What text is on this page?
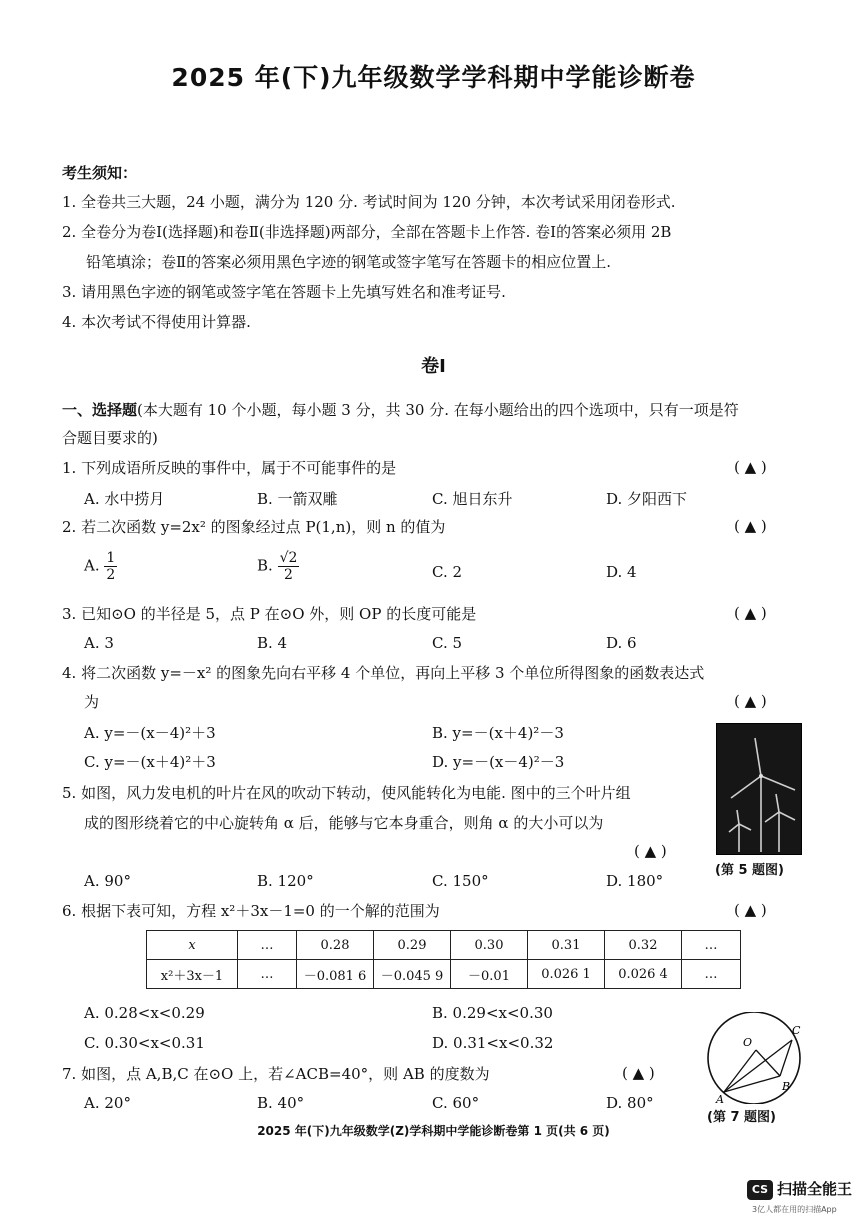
2025 年(下)九年级数学学科期中学能诊断卷
考生须知：
1. 全卷共三大题，24 小题，满分为 120 分. 考试时间为 120 分钟，本次考试采用闭卷形式.
2. 全卷分为卷Ⅰ(选择题)和卷Ⅱ(非选择题)两部分，全部在答题卡上作答. 卷Ⅰ的答案必须用 2B
铅笔填涂；卷Ⅱ的答案必须用黑色字迹的钢笔或签字笔写在答题卡的相应位置上.
3. 请用黑色字迹的钢笔或签字笔在答题卡上先填写姓名和准考证号.
4. 本次考试不得使用计算器.
卷Ⅰ
一、选择题(本大题有 10 个小题，每小题 3 分，共 30 分. 在每小题给出的四个选项中，只有一项是符
合题目要求的)
1. 下列成语所反映的事件中，属于不可能事件的是	( ▲ )
A. 水中捞月	B. 一箭双雕	C. 旭日东升	D. 夕阳西下
2. 若二次函数 y=2x² 的图象经过点 P(1,n)，则 n 的值为	( ▲ )
A. $\frac{1}{2}$	B. $\frac{√2}{2}$	C. 2	D. 4
3. 已知⊙O 的半径是 5，点 P 在⊙O 外，则 OP 的长度可能是	( ▲ )
A. 3	B. 4	C. 5	D. 6
4. 将二次函数 y=－x² 的图象先向右平移 4 个单位，再向上平移 3 个单位所得图象的函数表达式
为	( ▲ )
A. y=－(x－4)²＋3	B. y=－(x＋4)²－3
C. y=－(x＋4)²＋3	D. y=－(x－4)²－3
(第 5 题图)
5. 如图，风力发电机的叶片在风的吹动下转动，使风能转化为电能. 图中的三个叶片组
成的图形绕着它的中心旋转角 α 后，能够与它本身重合，则角 α 的大小可以为
( ▲ )
A. 90°	B. 120°	C. 150°	D. 180°
6. 根据下表可知，方程 x²＋3x－1=0 的一个解的范围为	( ▲ )
x	…	0.28	0.29	0.30	0.31	0.32	…
x²＋3x－1	…	－0.081 6	－0.045 9	－0.01	0.026 1	0.026 4	…
A. 0.28<x<0.29	B. 0.29<x<0.30
C. 0.30<x<0.31	D. 0.31<x<0.32	O
C
A
B
(第 7 题图)
7. 如图，点 A,B,C 在⊙O 上，若∠ACB=40°，则 AB 的度数为	( ▲ )
A. 20°	B. 40°	C. 60°	D. 80°
2025 年(下)九年级数学(Z)学科期中学能诊断卷第 1 页(共 6 页)
CS 扫描全能王
3亿人都在用的扫描App
